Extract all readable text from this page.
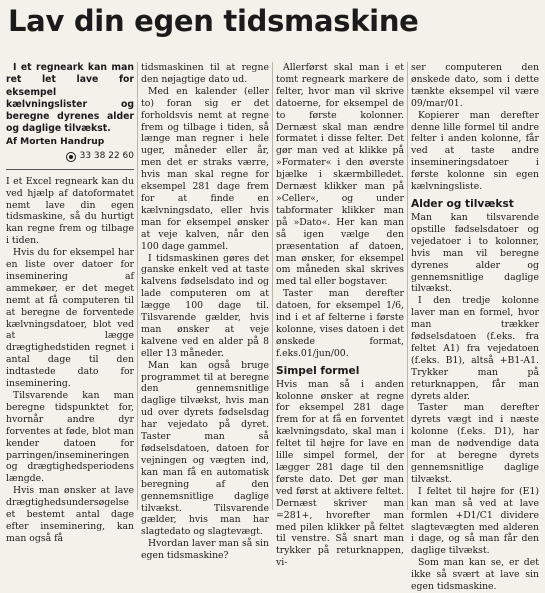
Lav din egen tidsmaskine

I et regneark kan man ret let lave for eksempel kælvningslister og beregne dyrenes alder og daglige tilvækst.

Af Morten Handrup
33 38 22 60

I et Excel regneark kan du ved hjælp af datoformatet nemt lave din egen tidsmaskine, så du hurtigt kan regne frem og tilbage i tiden.

Hvis du for eksempel har en liste over datoer for inseminering af ammekøer, er det meget nemt at få computeren til at beregne de forventede kælvningsdatoer, blot ved at lægge drægtighedstiden regnet i antal dage til den indtastede dato for inseminering.

Tilsvarende kan man beregne tidspunktet for, hvornår andre dyr forventes at føde, blot man kender datoen for parringen/insemineringen og drægtighedsperiodens længde.

Hvis man ønsker at lave drægtighedsundersøgelse et bestemt antal dage efter inseminering, kan man også få

tidsmaskinen til at regne den nøjagtige dato ud.

Med en kalender (eller to) foran sig er det forholdsvis nemt at regne frem og tilbage i tiden, så længe man regner i hele uger, måneder eller år, men det er straks værre, hvis man skal regne for eksempel 281 dage frem for at finde en kælvningsdato, eller hvis man for eksempel ønsker at veje kalven, når den 100 dage gammel.

I tidsmaskinen gøres det ganske enkelt ved at taste kalvens fødselsdato ind og lade computeren om at lægge 100 dage til. Tilsvarende gælder, hvis man ønsker at veje kalvene ved en alder på 8 eller 13 måneder.

Man kan også bruge programmet til at beregne den gennemsnitlige daglige tilvækst, hvis man ud over dyrets fødselsdag har vejedato på dyret. Taster man så fødselsdatoen, datoen for vejningen og vægten ind, kan man få en automatisk beregning af den gennemsnitlige daglige tilvækst. Tilsvarende gælder, hvis man har slagtedato og slagtevægt.

Hvordan laver man så sin egen tidsmaskine?

Allerførst skal man i et tomt regneark markere de felter, hvor man vil skrive datoerne, for eksempel de to første kolonner. Dernæst skal man ændre formatet i disse felter. Det gør man ved at klikke på »Formater« i den øverste bjælke i skærmbilledet. Dernæst klikker man på »Celler«, og under tabformater klikker man på »Dato«. Her kan man så igen vælge den præsentation af datoen, man ønsker, for eksempel om måneden skal skrives med tal eller bogstaver.

Taster man derefter datoen, for eksempel 1/6, ind i et af felterne i første kolonne, vises datoen i det ønskede format, f.eks.01/jun/00.

Simpel formel

Hvis man så i anden kolonne ønsker at regne for eksempel 281 dage frem for at få en forventet kælvningsdato, skal man i feltet til højre for lave en lille simpel formel, der lægger 281 dage til den første dato. Det gør man ved først at aktivere feltet. Dernæst skriver man =281+, hvorefter man med pilen klikker på feltet til venstre. Så snart man trykker på returknappen, vi-

ser computeren den ønskede dato, som i dette tænkte eksempel vil være 09/mar/01.

Kopierer man derefter denne lille formel til andre felter i anden kolonne, får ved at taste andre insemineringsdatoer i første kolonne sin egen kælvningsliste.

Alder og tilvækst

Man kan tilsvarende opstille fødselsdatoer og vejedatoer i to kolonner, hvis man vil beregne dyrenes alder og gennemsnitlige daglige tilvækst.

I den tredje kolonne laver man en formel, hvor man trækker fødselsdatoen (f.eks. fra feltet A1) fra vejedatoen (f.eks. B1), altså +B1-A1. Trykker man på returknappen, får man dyrets alder.

Taster man derefter dyrets vægt ind i næste kolonne (f.eks. D1), har man de nødvendige data for at beregne dyrets gennemsnitlige daglige tilvækst.

I feltet til højre for (E1) kan man så ved at lave formlen +D1/C1 dividere slagtevægten med alderen i dage, og så man får den daglige tilvækst.

Som man kan se, er det ikke så svært at lave sin egen tidsmaskine.
